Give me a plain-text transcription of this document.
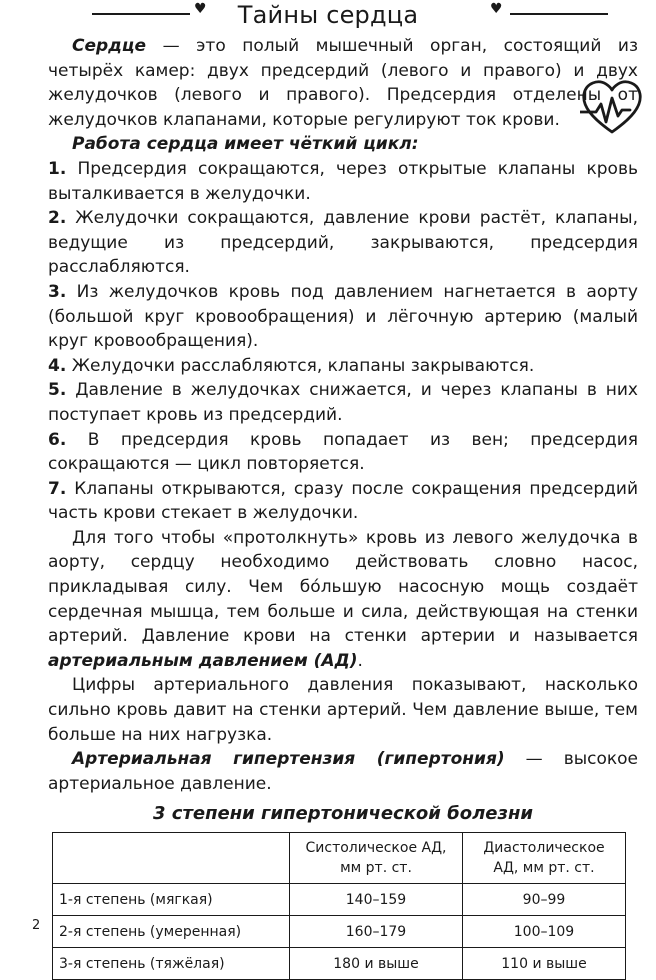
♥	Тайны сердца	♥

Сердце — это полый мышечный орган, состоящий из четырёх камер: двух предсердий (левого и правого) и двух желудочков (левого и правого). Предсердия отделены от желудочков клапанами, которые регулируют ток крови.

Работа сердца имеет чёткий цикл:

1. Предсердия сокращаются, через открытые клапаны кровь выталкивается в желудочки.
2. Желудочки сокращаются, давление крови растёт, клапаны, ведущие из предсердий, закрываются, предсердия расслабляются.
3. Из желудочков кровь под давлением нагнетается в аорту (большой круг кровообращения) и лёгочную артерию (малый круг кровообращения).
4. Желудочки расслабляются, клапаны закрываются.
5. Давление в желудочках снижается, и через клапаны в них поступает кровь из предсердий.
6. В предсердия кровь попадает из вен; предсердия сокращаются — цикл повторяется.
7. Клапаны открываются, сразу после сокращения предсердий часть крови стекает в желудочки.

Для того чтобы «протолкнуть» кровь из левого желудочка в аорту, сердцу необходимо действовать словно насос, прикладывая силу. Чем бо́льшую насосную мощь создаёт сердечная мышца, тем больше и сила, действующая на стенки артерий. Давление крови на стенки артерии и называется артериальным давлением (АД).

Цифры артериального давления показывают, насколько сильно кровь давит на стенки артерий. Чем давление выше, тем больше на них нагрузка.

Артериальная гипертензия (гипертония) — высокое артериальное давление.

3 степени гипертонической болезни
	Систолическое АД, мм рт. ст.	Диастолическое АД, мм рт. ст.
1-я степень (мягкая)	140–159	90–99
2-я степень (умеренная)	160–179	100–109
3-я степень (тяжёлая)	180 и выше	110 и выше
2
